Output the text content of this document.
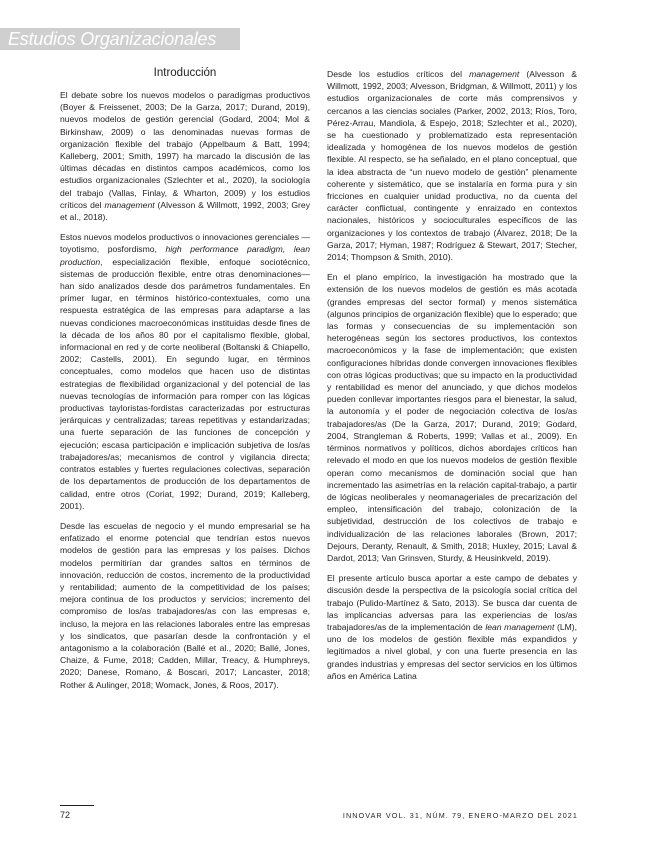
Estudios Organizacionales
Introducción

El debate sobre los nuevos modelos o paradigmas productivos (Boyer & Freissenet, 2003; De la Garza, 2017; Durand, 2019), nuevos modelos de gestión gerencial (Godard, 2004; Mol & Birkinshaw, 2009) o las denominadas nuevas formas de organización flexible del trabajo (Appelbaum & Batt, 1994; Kalleberg, 2001; Smith, 1997) ha marcado la discusión de las últimas décadas en distintos campos académicos, como los estudios organizacionales (Szlechter et al., 2020), la sociología del trabajo (Vallas, Finlay, & Wharton, 2009) y los estudios críticos del management (Alvesson & Willmott, 1992, 2003; Grey et al., 2018).

Estos nuevos modelos productivos o innovaciones gerenciales —toyotismo, posfordismo, high performance paradigm, lean production, especialización flexible, enfoque sociotécnico, sistemas de producción flexible, entre otras denominaciones— han sido analizados desde dos parámetros fundamentales. En primer lugar, en términos histórico-contextuales, como una respuesta estratégica de las empresas para adaptarse a las nuevas condiciones macroeconómicas instituidas desde fines de la década de los años 80 por el capitalismo flexible, global, informacional en red y de corte neoliberal (Boltanski & Chiapello, 2002; Castells, 2001). En segundo lugar, en términos conceptuales, como modelos que hacen uso de distintas estrategias de flexibilidad organizacional y del potencial de las nuevas tecnologías de información para romper con las lógicas productivas tayloristas-fordistas caracterizadas por estructuras jerárquicas y centralizadas; tareas repetitivas y estandarizadas; una fuerte separación de las funciones de concepción y ejecución; escasa participación e implicación subjetiva de los/as trabajadores/as; mecanismos de control y vigilancia directa; contratos estables y fuertes regulaciones colectivas, separación de los departamentos de producción de los departamentos de calidad, entre otros (Coriat, 1992; Durand, 2019; Kalleberg, 2001).

Desde las escuelas de negocio y el mundo empresarial se ha enfatizado el enorme potencial que tendrían estos nuevos modelos de gestión para las empresas y los países. Dichos modelos permitirían dar grandes saltos en términos de innovación, reducción de costos, incremento de la productividad y rentabilidad; aumento de la competitividad de los países; mejora continua de los productos y servicios; incremento del compromiso de los/as trabajadores/as con las empresas e, incluso, la mejora en las relaciones laborales entre las empresas y los sindicatos, que pasarían desde la confrontación y el antagonismo a la colaboración (Ballé et al., 2020; Ballé, Jones, Chaize, & Fume, 2018; Cadden, Millar, Treacy, & Humphreys, 2020; Danese, Romano, & Boscari, 2017; Lancaster, 2018; Rother & Aulinger, 2018; Womack, Jones, & Roos, 2017).

Desde los estudios críticos del management (Alvesson & Willmott, 1992, 2003; Alvesson, Bridgman, & Willmott, 2011) y los estudios organizacionales de corte más comprensivos y cercanos a las ciencias sociales (Parker, 2002, 2013; Ríos, Toro, Pérez-Arrau, Mandiola, & Espejo, 2018; Szlechter et al., 2020), se ha cuestionado y problematizado esta representación idealizada y homogénea de los nuevos modelos de gestión flexible. Al respecto, se ha señalado, en el plano conceptual, que la idea abstracta de “un nuevo modelo de gestión” plenamente coherente y sistemático, que se instalaría en forma pura y sin fricciones en cualquier unidad productiva, no da cuenta del carácter conflictual, contingente y enraizado en contextos nacionales, históricos y socioculturales específicos de las organizaciones y los contextos de trabajo (Álvarez, 2018; De la Garza, 2017; Hyman, 1987; Rodríguez & Stewart, 2017; Stecher, 2014; Thompson & Smith, 2010).

En el plano empírico, la investigación ha mostrado que la extensión de los nuevos modelos de gestión es más acotada (grandes empresas del sector formal) y menos sistemática (algunos principios de organización flexible) que lo esperado; que las formas y consecuencias de su implementación son heterogéneas según los sectores productivos, los contextos macroeconómicos y la fase de implementación; que existen configuraciones híbridas donde convergen innovaciones flexibles con otras lógicas productivas; que su impacto en la productividad y rentabilidad es menor del anunciado, y que dichos modelos pueden conllevar importantes riesgos para el bienestar, la salud, la autonomía y el poder de negociación colectiva de los/as trabajadores/as (De la Garza, 2017; Durand, 2019; Godard, 2004, Strangleman & Roberts, 1999; Vallas et al., 2009). En términos normativos y políticos, dichos abordajes críticos han relevado el modo en que los nuevos modelos de gestión flexible operan como mecanismos de dominación social que han incrementado las asimetrías en la relación capital-trabajo, a partir de lógicas neoliberales y neomanageriales de precarización del empleo, intensificación del trabajo, colonización de la subjetividad, destrucción de los colectivos de trabajo e individualización de las relaciones laborales (Brown, 2017; Dejours, Deranty, Renault, & Smith, 2018; Huxley, 2015; Laval & Dardot, 2013; Van Grinsven, Sturdy, & Heusinkveld, 2019).

El presente artículo busca aportar a este campo de debates y discusión desde la perspectiva de la psicología social crítica del trabajo (Pulido-Martínez & Sato, 2013). Se busca dar cuenta de las implicancias adversas para las experiencias de los/as trabajadores/as de la implementación de lean management (LM), uno de los modelos de gestión flexible más expandidos y legitimados a nivel global, y con una fuerte presencia en las grandes industrias y empresas del sector servicios en los últimos años en América Latina

72	INNOVAR VOL. 31, NÚM. 79, ENERO-MARZO DEL 2021
